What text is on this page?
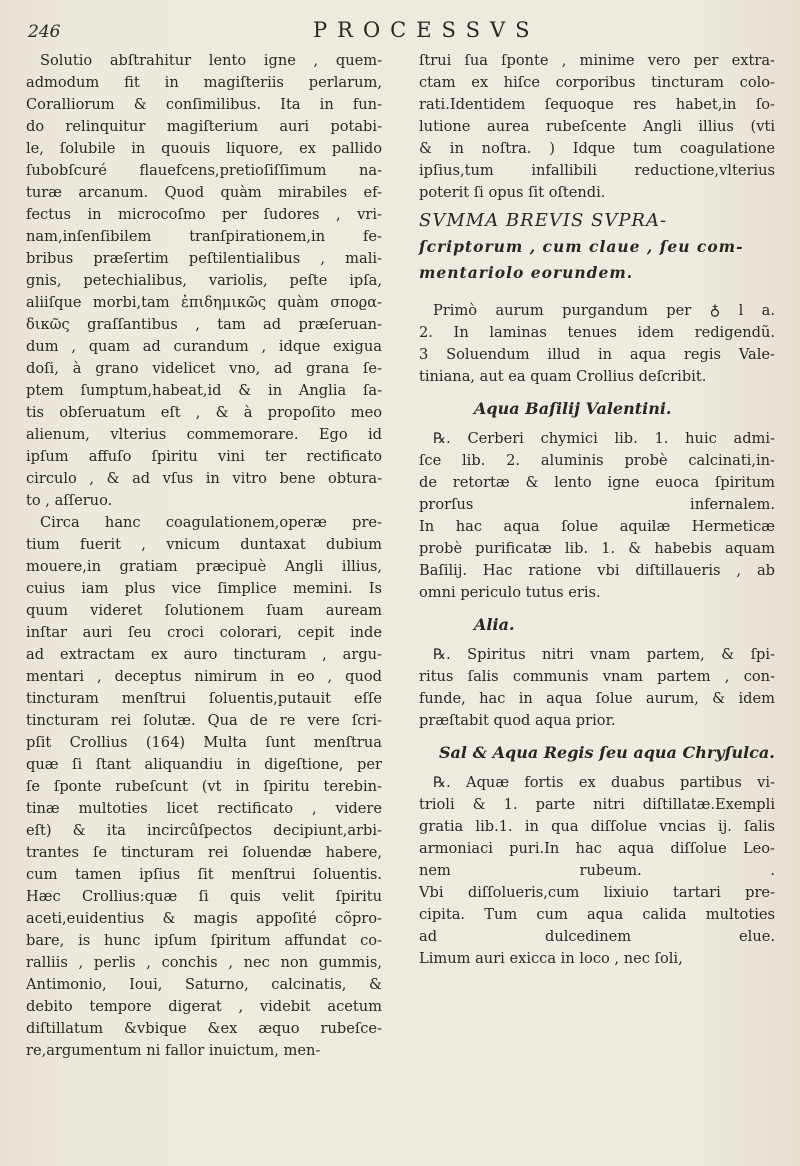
246	PROCESSVS
Solutio abſtrahitur lento igne , quem-
admodum fit in magiſteriis perlarum,
Coralliorum & conſimilibus. Ita in fun-
do relinquitur magiſterium auri potabi-
le, ſolubile in quouis liquore, ex pallido
ſubobſcuré flauefcens,pretioſiſſimum na-
turæ arcanum. Quod quàm mirabiles ef-
fectus in microcoſmo per ſudores , vri-
nam,inſenſibilem tranſpirationem,in fe-
bribus præſertim peſtilentialibus , mali-
gnis, petechialibus, variolis, peſte ipſa,
aliiſque morbi,tam ἐπιδημικῶς quàm σποϱα-
δικῶς graſſantibus , tam ad præſeruan-
dum , quam ad curandum , idque exigua
doſi, à grano videlicet vno, ad grana ſe-
ptem ſumptum,habeat,id & in Anglia ſa-
tis obſeruatum eſt , & à propoſito meo
alienum, vlterius commemorare. Ego id
ipſum affuſo ſpiritu vini ter rectificato
circulo , & ad vſus in vitro bene obtura-
to , aſſeruo.
Circa hanc coagulationem,operæ pre-
tium fuerit , vnicum duntaxat dubium
mouere,in gratiam præcipuè Angli illius,
cuius iam plus vice ſimplice memini. Is
quum videret ſolutionem ſuam auream
inſtar auri ſeu croci colorari, cepit inde
ad extractam ex auro tincturam , argu-
mentari , deceptus nimirum in eo , quod
tincturam menſtrui ſoluentis,putauit eſſe
tincturam rei ſolutæ. Qua de re vere ſcri-
pſit Crollius (164) Multa ſunt menſtrua
quæ ſi ſtant aliquandiu in digeſtione, per
ſe ſponte rubeſcunt (vt in ſpiritu terebin-
tinæ multoties licet rectificato , videre
eſt) & ita incircûſpectos decipiunt,arbi-
trantes ſe tincturam rei ſoluendæ habere,
cum tamen ipſius ſit menſtrui ſoluentis.
Hæc Crollius:quæ ſi quis velit ſpiritu
aceti,euidentius & magis appoſité cõpro-
bare, is hunc ipſum ſpiritum affundat co-
ralliis , perlis , conchis , nec non gummis,
Antimonio, Ioui, Saturno, calcinatis, &
debito tempore digerat , videbit acetum
diſtillatum &vbique &ex æquo rubeſce-
re,argumentum ni fallor inuictum, men-
ſtrui ſua ſponte , minime vero per extra-
ctam ex hiſce corporibus tincturam colo-
rati.Identidem ſequoque res habet,in ſo-
lutione aurea rubeſcente Angli illius (vti
& in noſtra. ) Idque tum coagulatione
ipſius,tum infallibili reductione,vlterius
poterit ſi opus ſit oſtendi.
SVMMA BREVIS SVPRA-
ſcriptorum , cum claue , ſeu com-
mentariolo eorundem.
Primò aurum purgandum per ♁ l a.
2. In laminas tenues idem redigendũ.
3 Soluendum illud in aqua regis Vale-
tiniana, aut ea quam Crollius deſcribit.
Aqua Baſilij Valentini.
℞. Cerberi chymici lib. 1. huic admi-
ſce lib. 2. aluminis probè calcinati,in-
de retortæ & lento igne euoca ſpiritum
prorſus infernalem.
In hac aqua ſolue aquilæ Hermeticæ
probè purificatæ lib. 1. & habebis aquam
Baſilij. Hac ratione vbi diſtillaueris , ab
omni periculo tutus eris.
Alia.
℞. Spiritus nitri vnam partem, & ſpi-
ritus ſalis communis vnam partem , con-
funde, hac in aqua ſolue aurum, & idem
præſtabit quod aqua prior.
Sal & Aqua Regis ſeu aqua Chryſulca.
℞. Aquæ fortis ex duabus partibus vi-
trioli & 1. parte nitri diſtillatæ.Exempli
gratia lib.1. in qua diſſolue vncias ij. ſalis
armoniaci puri.In hac aqua diſſolue Leo-
nem rubeum. .
Vbi diſſolueris,cum lixiuio tartari pre-
cipita. Tum cum aqua calida multoties
ad dulcedinem elue.
Limum auri exicca in loco , nec ſoli,
